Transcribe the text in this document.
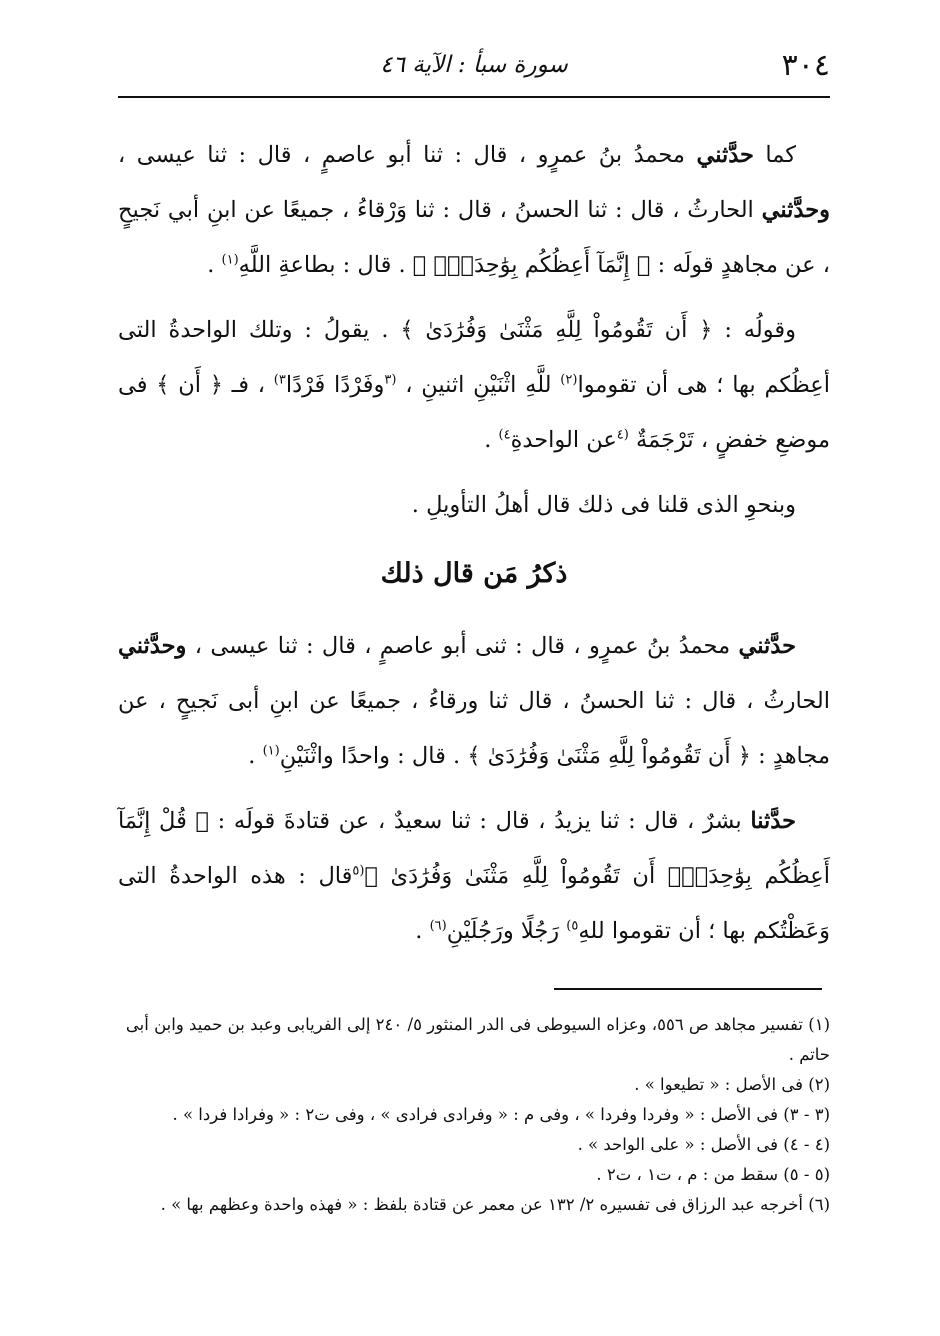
٣٠٤
سورة سبأ : الآية ٤٦

كما حدَّثني محمدُ بنُ عمرٍو ، قال : ثنا أبو عاصمٍ ، قال : ثنا عيسى ، وحدَّثني الحارثُ ، قال : ثنا الحسنُ ، قال : ثنا وَرْقاءُ ، جميعًا عن ابنِ أبي نَجيحٍ ، عن مجاهدٍ قولَه : ﴿ إِنَّمَآ أَعِظُكُم بِوَٰحِدَةٍۖ ﴾ . قال : بطاعةِ اللَّهِ$^{(١)}$ .

وقولُه : ﴿ أَن تَقُومُواْ لِلَّهِ مَثْنَىٰ وَفُرَٰدَىٰ ﴾ . يقولُ : وتلك الواحدةُ التى أعِظُكم بها ؛ هى أن تقوموا$^{(٢)}$ للَّهِ اثْنَيْنِ اثنينِ ، $^{(٣}$وفَرْدًا فَرْدًا$^{٣)}$ ، فـ ﴿ أَن ﴾ فى موضعِ خفضٍ ، تَرْجَمَةٌ $^{(٤}$عن الواحدةِ$^{٤)}$ .

وبنحوِ الذى قلنا فى ذلك قال أهلُ التأويلِ .

ذكرُ مَن قال ذلك

حدَّثني محمدُ بنُ عمرٍو ، قال : ثنى أبو عاصمٍ ، قال : ثنا عيسى ، وحدَّثني الحارثُ ، قال : ثنا الحسنُ ، قال ثنا ورقاءُ ، جميعًا عن ابنِ أبى نَجيحٍ ، عن مجاهدٍ : ﴿ أَن تَقُومُواْ لِلَّهِ مَثْنَىٰ وَفُرَٰدَىٰ ﴾ . قال : واحدًا واثْنَيْنِ$^{(١)}$ .

حدَّثنا بشرٌ ، قال : ثنا يزيدُ ، قال : ثنا سعيدٌ ، عن قتادةَ قولَه : ﴿ قُلْ إِنَّمَآ أَعِظُكُم بِوَٰحِدَةٍۖ أَن تَقُومُواْ لِلَّهِ مَثْنَىٰ وَفُرَٰدَىٰ ﴾$^{(٥}$قال : هذه الواحدةُ التى وَعَظْتُكم بها ؛ أن تقوموا للهِ$^{٥)}$ رَجُلًا ورَجُلَيْنِ$^{(٦)}$ .

(١) تفسير مجاهد ص ٥٥٦، وعزاه السيوطى فى الدر المنثور ٥/ ٢٤٠ إلى الفريابى وعبد بن حميد وابن أبى حاتم .
(٢) فى الأصل : « تطيعوا » .
(٣ - ٣) فى الأصل : « وفردا وفردا » ، وفى م : « وفرادى فرادى » ، وفى ت٢ : « وفرادا فردا » .
(٤ - ٤) فى الأصل : « على الواحد » .
(٥ - ٥) سقط من : م ، ت١ ، ت٢ .
(٦) أخرجه عبد الرزاق فى تفسيره ٢/ ١٣٢ عن معمر عن قتادة بلفظ : « فهذه واحدة وعظهم بها » .
